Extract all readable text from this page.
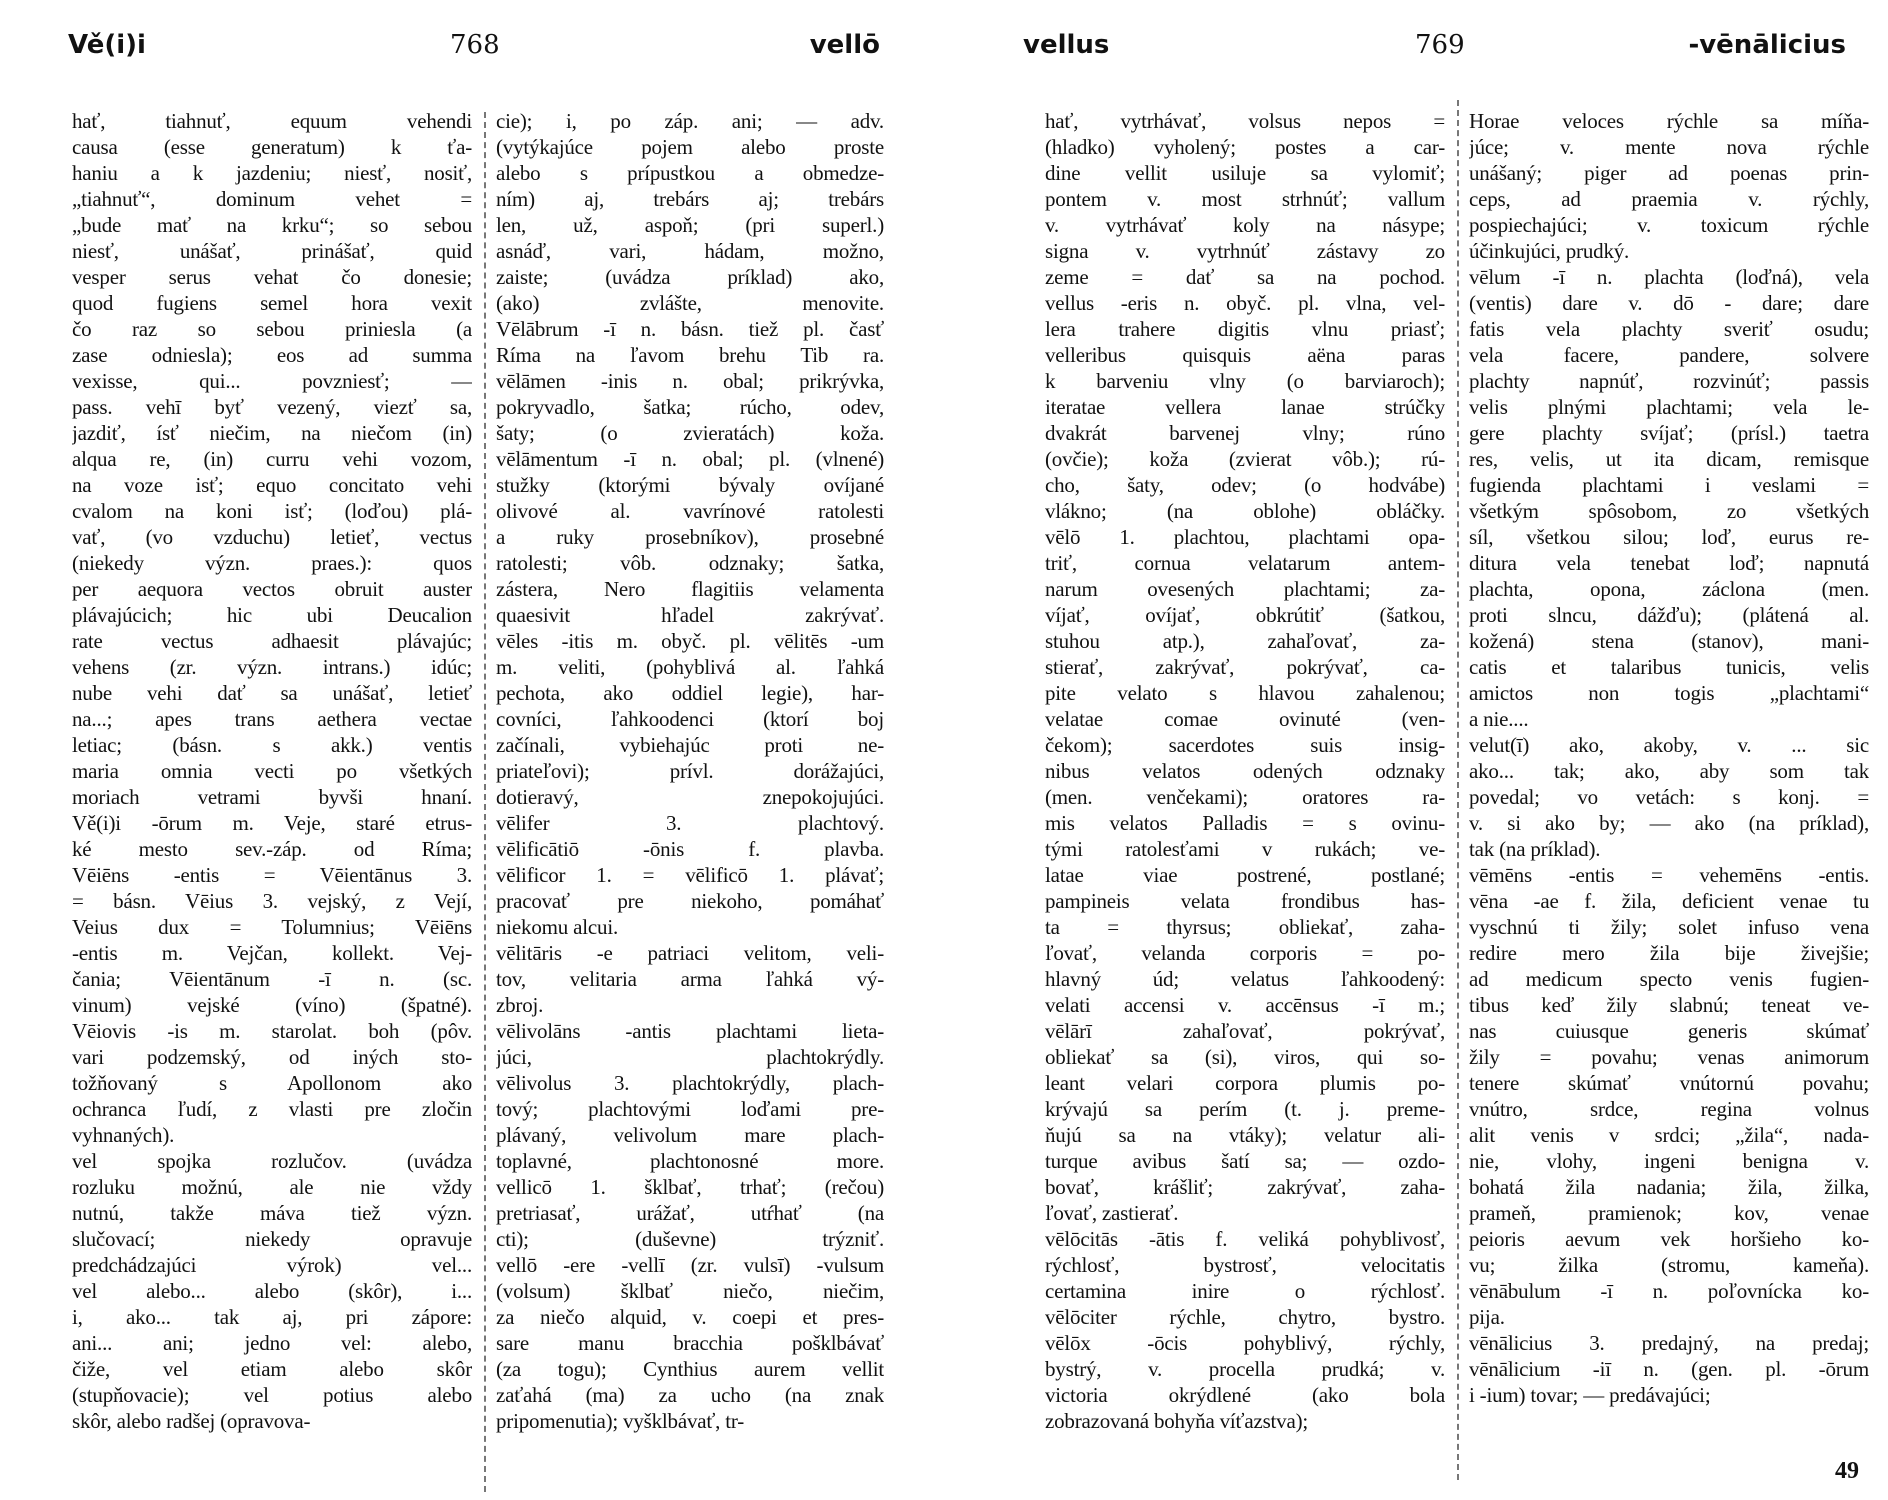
Vě(i)i	768	vellō
hať, tiahnuť, equum vehendi
causa (esse generatum) k ťa-
haniu a k jazdeniu; niesť, nosiť,
„tiahnuť“, dominum vehet =
„bude mať na krku“; so sebou
niesť, unášať, prinášať, quid
vesper serus vehat čo donesie;
quod fugiens semel hora vexit
čo raz so sebou priniesla (a
zase odniesla); eos ad summa
vexisse, qui... povzniesť; —
pass. vehī byť vezený, viezť sa,
jazdiť, ísť niečim, na niečom (in)
alqua re, (in) curru vehi vozom,
na voze isť; equo concitato vehi
cvalom na koni isť; (loďou) plá-
vať, (vo vzduchu) letieť, vectus
(niekedy význ. praes.): quos
per aequora vectos obruit auster
plávajúcich; hic ubi Deucalion
rate vectus adhaesit plávajúc;
vehens (zr. význ. intrans.) idúc;
nube vehi dať sa unášať, letieť
na...; apes trans aethera vectae
letiac; (básn. s akk.) ventis
maria omnia vecti po všetkých
moriach vetrami byvši hnaní.
Vě(i)i -ōrum m. Veje, staré etrus-
ké mesto sev.-záp. od Ríma;
Vēiēns -entis = Vēientānus 3.
= básn. Vēius 3. vejský, z Vejí,
Veius dux = Tolumnius; Vēiēns
-entis m. Vejčan, kollekt. Vej-
čania; Vēientānum -ī n. (sc.
vinum) vejské (víno) (špatné).
Vēiovis -is m. starolat. boh (pôv.
vari podzemský, od iných sto-
tožňovaný s Apollonom ako
ochranca ľudí, z vlasti pre zločin
vyhnaných).
vel spojka rozlučov. (uvádza
rozluku možnú, ale nie vždy
nutnú, takže máva tiež význ.
slučovací; niekedy opravuje
predchádzajúci výrok) vel...
vel alebo... alebo (skôr), i...
i, ako... tak aj, pri zápore:
ani... ani; jedno vel: alebo,
čiže, vel etiam alebo skôr
(stupňovacie); vel potius alebo
skôr, alebo radšej (opravova-
cie); i, po záp. ani; — adv.
(vytýkajúce pojem alebo proste
alebo s prípustkou a obmedze-
ním) aj, trebárs aj; trebárs
len, už, aspoň; (pri superl.)
asnáď, vari, hádam, možno,
zaiste; (uvádza príklad) ako,
(ako) zvlášte, menovite.
Vēlābrum -ī n. básn. tiež pl. časť
Ríma na ľavom brehu Tib ra.
vēlāmen -inis n. obal; prikrývka,
pokryvadlo, šatka; rúcho, odev,
šaty; (o zvieratách) koža.
vēlāmentum -ī n. obal; pl. (vlnené)
stužky (ktorými bývaly ovíjané
olivové al. vavrínové ratolesti
a ruky prosebníkov), prosebné
ratolesti; vôb. odznaky; šatka,
zástera, Nero flagitiis velamenta
quaesivit hľadel zakrývať.
vēles -itis m. obyč. pl. vēlitēs -um
m. veliti, (pohyblivá al. ľahká
pechota, ako oddiel legie), har-
covníci, ľahkoodenci (ktorí boj
začínali, vybiehajúc proti ne-
priateľovi); prívl. dorážajúci,
dotieravý, znepokojujúci.
vēlifer 3. plachtový.
vēlificātiō -ōnis f. plavba.
vēlificor 1. = vēlificō 1. plávať;
pracovať pre niekoho, pomáhať
niekomu alcui.
vēlitāris -e patriaci velitom, veli-
tov, velitaria arma ľahká vý-
zbroj.
vēlivolāns -antis plachtami lieta-
júci, plachtokrýdly.
vēlivolus 3. plachtokrýdly, plach-
tový; plachtovými loďami pre-
plávaný, velivolum mare plach-
toplavné, plachtonosné more.
vellicō 1. šklbať, trhať; (rečou)
pretriasať, urážať, utŕhať (na
cti); (duševne) trýzniť.
vellō -ere -vellī (zr. vulsī) -vulsum
(volsum) šklbať niečo, niečim,
za niečo alquid, v. coepi et pres-
sare manu bracchia pošklbávať
(za togu); Cynthius aurem vellit
zaťahá (ma) za ucho (na znak
pripomenutia); vyšklbávať, tr-
vellus	769	-vēnālicius
hať, vytrhávať, volsus nepos =
(hladko) vyholený; postes a car-
dine vellit usiluje sa vylomiť;
pontem v. most strhnúť; vallum
v. vytrhávať koly na násype;
signa v. vytrhnúť zástavy zo
zeme = dať sa na pochod.
vellus -eris n. obyč. pl. vlna, vel-
lera trahere digitis vlnu priasť;
velleribus quisquis aëna paras
k barveniu vlny (o barviaroch);
iteratae vellera lanae strúčky
dvakrát barvenej vlny; rúno
(ovčie); koža (zvierat vôb.); rú-
cho, šaty, odev; (o hodvábe)
vlákno; (na oblohe) obláčky.
vēlō 1. plachtou, plachtami opa-
triť, cornua velatarum antem-
narum ovesených plachtami; za-
víjať, ovíjať, obkrútiť (šatkou,
stuhou atp.), zahaľovať, za-
stierať, zakrývať, pokrývať, ca-
pite velato s hlavou zahalenou;
velatae comae ovinuté (ven-
čekom); sacerdotes suis insig-
nibus velatos odených odznaky
(men. venčekami); oratores ra-
mis velatos Palladis = s ovinu-
tými ratolesťami v rukách; ve-
latae viae postrené, postlané;
pampineis velata frondibus has-
ta = thyrsus; obliekať, zaha-
ľovať, velanda corporis = po-
hlavný úd; velatus ľahkoodený:
velati accensi v. accēnsus -ī m.;
vēlārī zahaľovať, pokrývať,
obliekať sa (si), viros, qui so-
leant velari corpora plumis po-
krývajú sa perím (t. j. preme-
ňujú sa na vtáky); velatur ali-
turque avibus šatí sa; — ozdo-
bovať, krášliť; zakrývať, zaha-
ľovať, zastierať.
vēlōcitās -ātis f. veliká pohyblivosť,
rýchlosť, bystrosť, velocitatis
certamina inire o rýchlosť.
vēlōciter rýchle, chytro, bystro.
vēlōx -ōcis pohyblivý, rýchly,
bystrý, v. procella prudká; v.
victoria okrýdlené (ako bola
zobrazovaná bohyňa víťazstva);
Horae veloces rýchle sa míňa-
júce; v. mente nova rýchle
unášaný; piger ad poenas prin-
ceps, ad praemia v. rýchly,
pospiechajúci; v. toxicum rýchle
účinkujúci, prudký.
vēlum -ī n. plachta (loďná), vela
(ventis) dare v. dō - dare; dare
fatis vela plachty sveriť osudu;
vela facere, pandere, solvere
plachty napnúť, rozvinúť; passis
velis plnými plachtami; vela le-
gere plachty svíjať; (prísl.) taetra
res, velis, ut ita dicam, remisque
fugienda plachtami i veslami =
všetkým spôsobom, zo všetkých
síl, všetkou silou; loď, eurus re-
ditura vela tenebat loď; napnutá
plachta, opona, záclona (men.
proti slncu, dážďu); (plátená al.
kožená) stena (stanov), mani-
catis et talaribus tunicis, velis
amictos non togis „plachtami“
a nie....
velut(ī) ako, akoby, v. ... sic
ako... tak; ako, aby som tak
povedal; vo vetách: s konj. =
v. si ako by; — ako (na príklad),
tak (na príklad).
vēmēns -entis = vehemēns -entis.
vēna -ae f. žila, deficient venae tu
vyschnú ti žily; solet infuso vena
redire mero žila bije živejšie;
ad medicum specto venis fugien-
tibus keď žily slabnú; teneat ve-
nas cuiusque generis skúmať
žily = povahu; venas animorum
tenere skúmať vnútornú povahu;
vnútro, srdce, regina volnus
alit venis v srdci; „žila“, nada-
nie, vlohy, ingeni benigna v.
bohatá žila nadania; žila, žilka,
prameň, pramienok; kov, venae
peioris aevum vek horšieho ko-
vu; žilka (stromu, kameňa).
vēnābulum -ī n. poľovnícka ko-
pija.
vēnālicius 3. predajný, na predaj;
vēnālicium -iī n. (gen. pl. -ōrum
i -ium) tovar; — predávajúci;
49
